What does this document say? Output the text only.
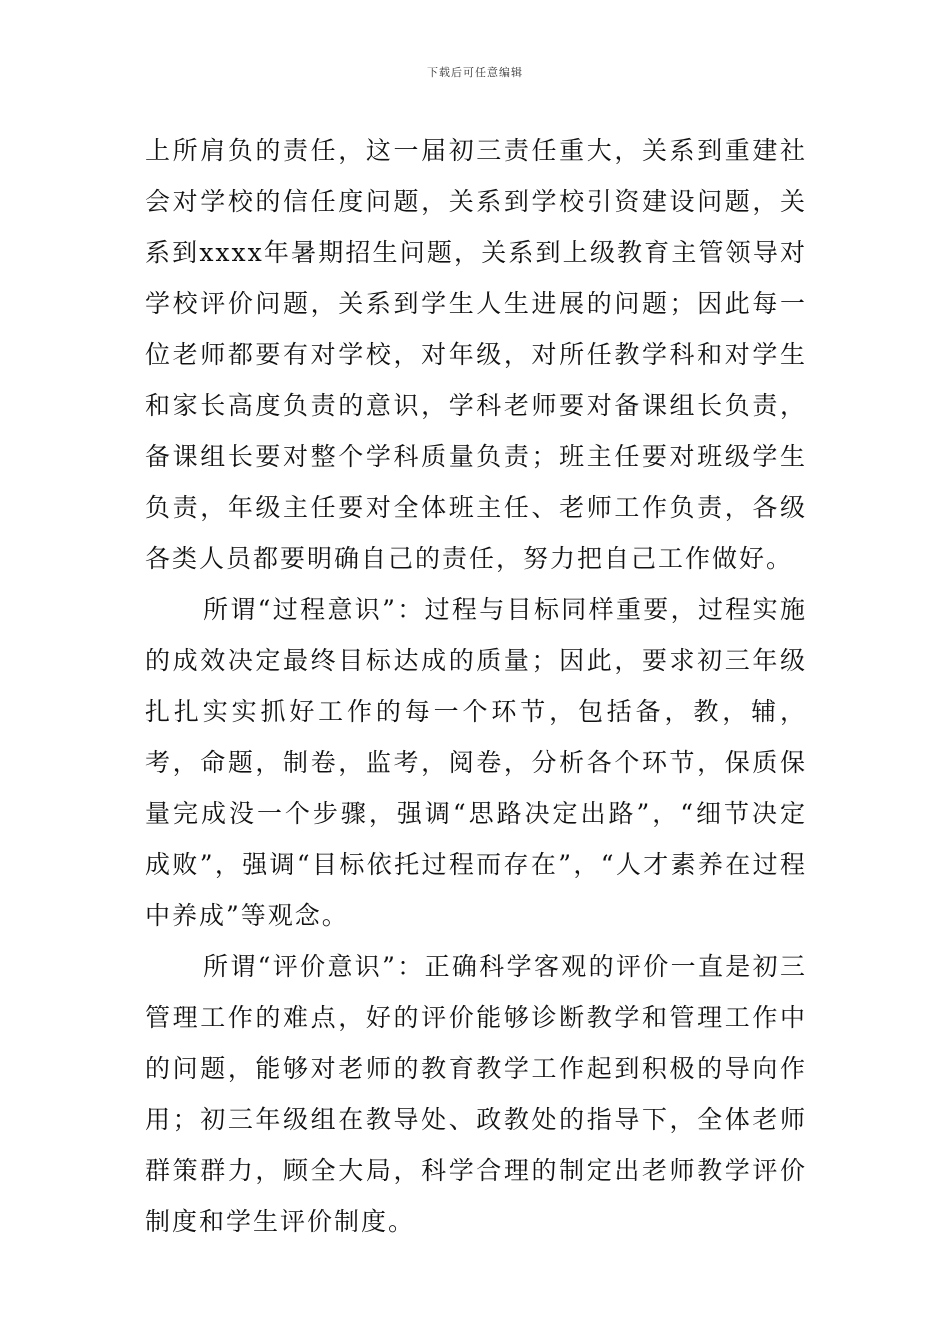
下载后可任意编辑

上所肩负的责任，这一届初三责任重大，关系到重建社会对学校的信任度问题，关系到学校引资建设问题，关系到xxxx年暑期招生问题，关系到上级教育主管领导对学校评价问题，关系到学生人生进展的问题；因此每一位老师都要有对学校，对年级，对所任教学科和对学生和家长高度负责的意识，学科老师要对备课组长负责，备课组长要对整个学科质量负责；班主任要对班级学生负责，年级主任要对全体班主任、老师工作负责，各级各类人员都要明确自己的责任，努力把自己工作做好。

所谓“过程意识”：过程与目标同样重要，过程实施的成效决定最终目标达成的质量；因此，要求初三年级扎扎实实抓好工作的每一个环节，包括备，教，辅，考，命题，制卷，监考，阅卷，分析各个环节，保质保量完成没一个步骤，强调“思路决定出路”，“细节决定成败”，强调“目标依托过程而存在”，“人才素养在过程中养成”等观念。

所谓“评价意识”：正确科学客观的评价一直是初三管理工作的难点，好的评价能够诊断教学和管理工作中的问题，能够对老师的教育教学工作起到积极的导向作用；初三年级组在教导处、政教处的指导下，全体老师群策群力，顾全大局，科学合理的制定出老师教学评价制度和学生评价制度。
